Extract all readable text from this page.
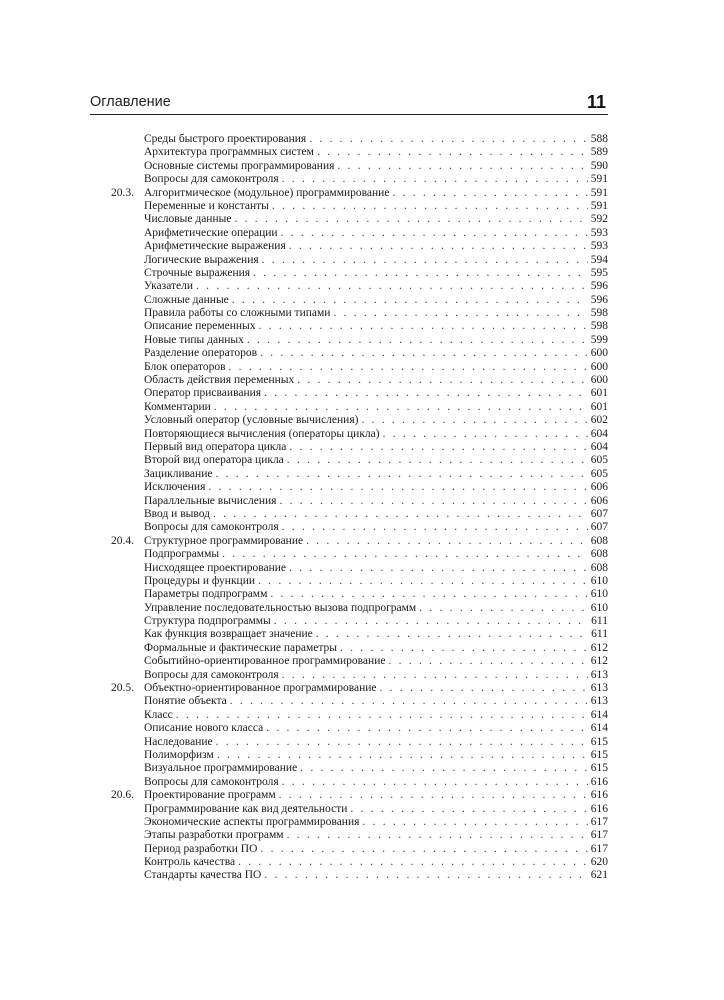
Оглавление	11
Среды быстрого проектирования . . .	588
Архитектура программных систем . . .	589
Основные системы программирования . . .	590
Вопросы для самоконтроля . . .	591
20.3. Алгоритмическое (модульное) программирование . . .	591
Переменные и константы . . .	591
Числовые данные . . .	592
Арифметические операции . . .	593
Арифметические выражения . . .	593
Логические выражения . . .	594
Строчные выражения . . .	595
Указатели . . .	596
Сложные данные . . .	596
Правила работы со сложными типами . . .	598
Описание переменных . . .	598
Новые типы данных . . .	599
Разделение операторов . . .	600
Блок операторов . . .	600
Область действия переменных . . .	600
Оператор присваивания . . .	601
Комментарии . . .	601
Условный оператор (условные вычисления) . . .	602
Повторяющиеся вычисления (операторы цикла) . . .	604
Первый вид оператора цикла . . .	604
Второй вид оператора цикла . . .	605
Зацикливание . . .	605
Исключения . . .	606
Параллельные вычисления . . .	606
Ввод и вывод . . .	607
Вопросы для самоконтроля . . .	607
20.4. Структурное программирование . . .	608
Подпрограммы . . .	608
Нисходящее проектирование . . .	608
Процедуры и функции . . .	610
Параметры подпрограмм . . .	610
Управление последовательностью вызова подпрограмм . . .	610
Структура подпрограммы . . .	611
Как функция возвращает значение . . .	611
Формальные и фактические параметры . . .	612
Событийно-ориентированное программирование . . .	612
Вопросы для самоконтроля . . .	613
20.5. Объектно-ориентированное программирование . . .	613
Понятие объекта . . .	613
Класс . . .	614
Описание нового класса . . .	614
Наследование . . .	615
Полиморфизм . . .	615
Визуальное программирование . . .	615
Вопросы для самоконтроля . . .	616
20.6. Проектирование программ . . .	616
Программирование как вид деятельности . . .	616
Экономические аспекты программирования . . .	617
Этапы разработки программ . . .	617
Период разработки ПО . . .	617
Контроль качества . . .	620
Стандарты качества ПО . . .	621
